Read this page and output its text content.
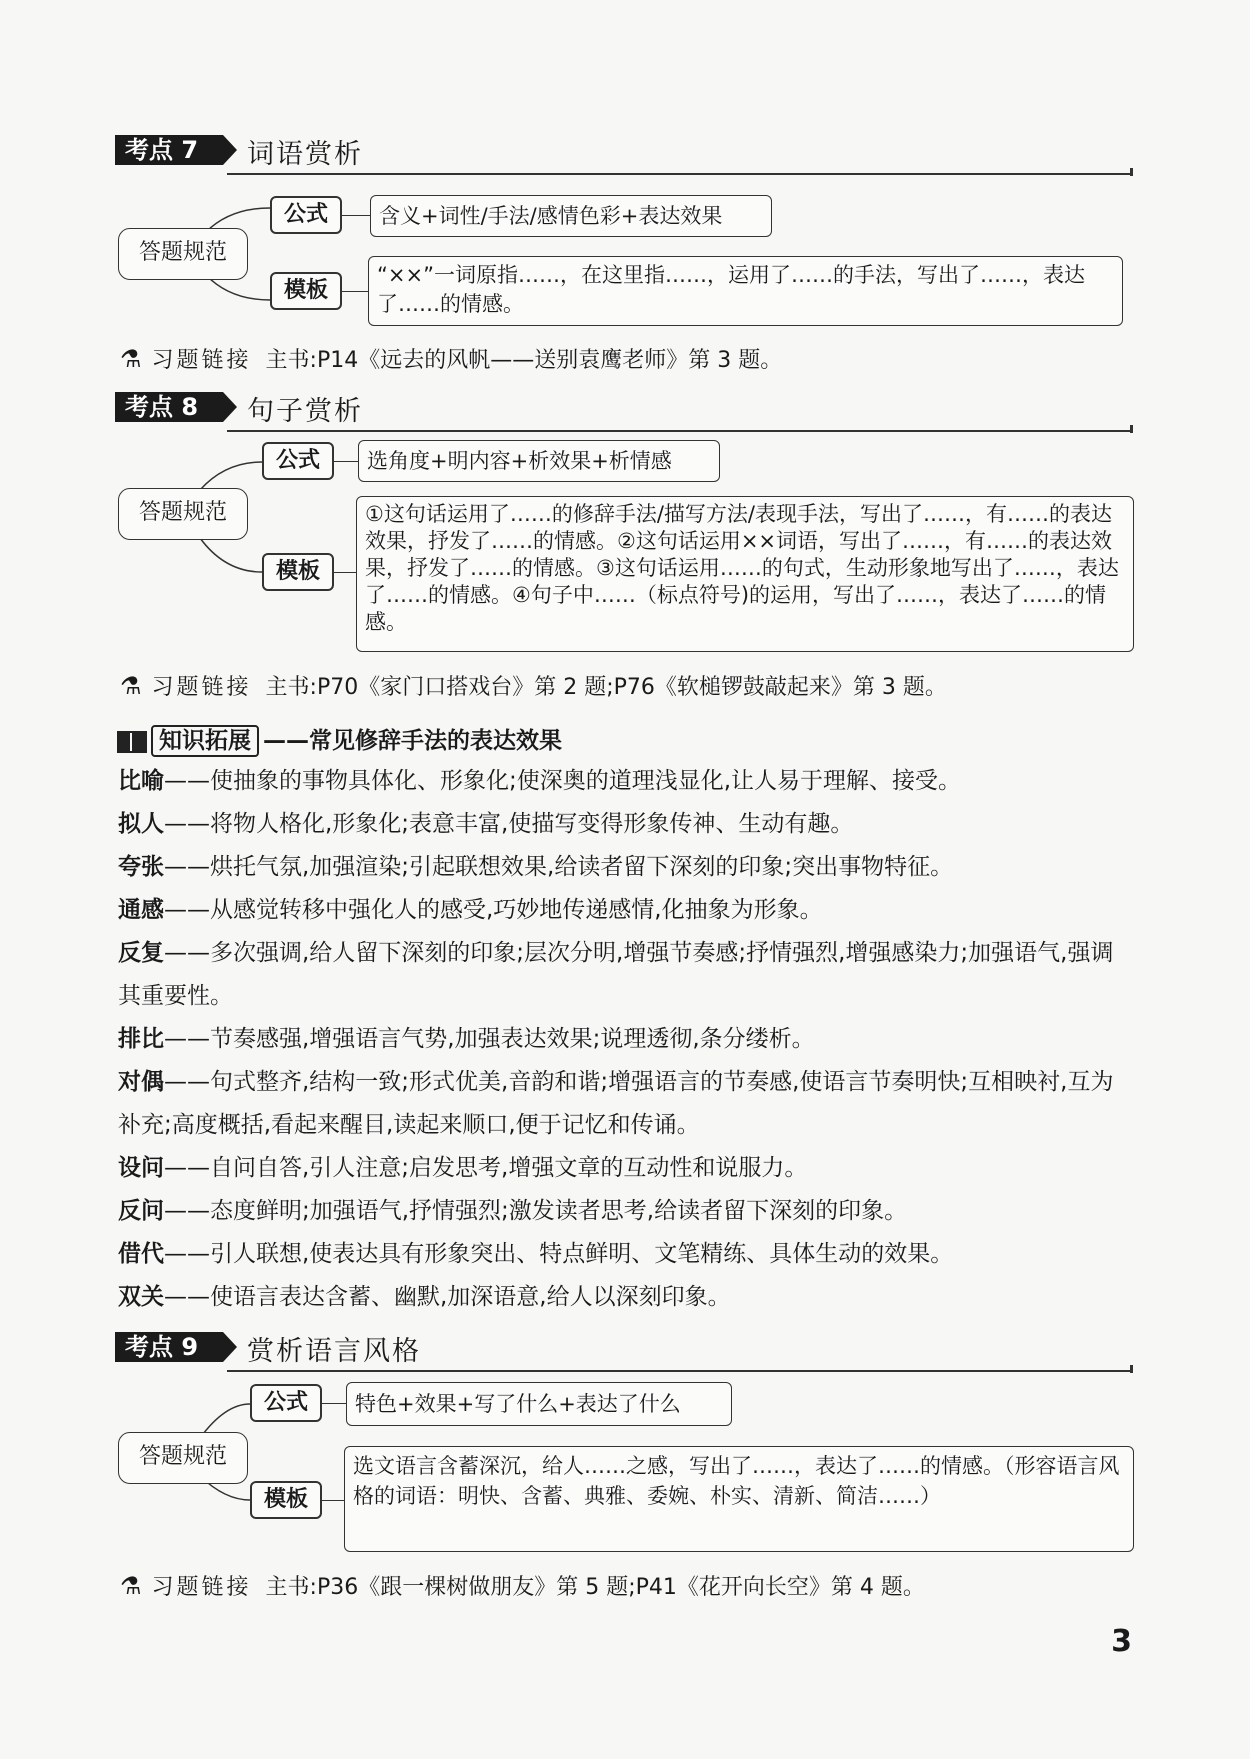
考点 7	词语赏析
答题规范
公式	含义+词性/手法/感情色彩+表达效果
模板
“××”一词原指……，在这里指……，运用了……的手法，写出了……，表达了……的情感。
⚗ 习题链接 主书:P14《远去的风帆——送别袁鹰老师》第 3 题。
考点 8	句子赏析
答题规范
公式	选角度+明内容+析效果+析情感
模板
①这句话运用了……的修辞手法/描写方法/表现手法，写出了……，有……的表达效果，抒发了……的情感。②这句话运用××词语，写出了……，有……的表达效果，抒发了……的情感。③这句话运用……的句式，生动形象地写出了……，表达了……的情感。④句子中……（标点符号)的运用，写出了……，表达了……的情感。
⚗ 习题链接 主书:P70《家门口搭戏台》第 2 题;P76《软槌锣鼓敲起来》第 3 题。
知识拓展 ——常见修辞手法的表达效果
比喻——使抽象的事物具体化、形象化;使深奥的道理浅显化,让人易于理解、接受。
拟人——将物人格化,形象化;表意丰富,使描写变得形象传神、生动有趣。
夸张——烘托气氛,加强渲染;引起联想效果,给读者留下深刻的印象;突出事物特征。
通感——从感觉转移中强化人的感受,巧妙地传递感情,化抽象为形象。
反复——多次强调,给人留下深刻的印象;层次分明,增强节奏感;抒情强烈,增强感染力;加强语气,强调其重要性。
排比——节奏感强,增强语言气势,加强表达效果;说理透彻,条分缕析。
对偶——句式整齐,结构一致;形式优美,音韵和谐;增强语言的节奏感,使语言节奏明快;互相映衬,互为补充;高度概括,看起来醒目,读起来顺口,便于记忆和传诵。
设问——自问自答,引人注意;启发思考,增强文章的互动性和说服力。
反问——态度鲜明;加强语气,抒情强烈;激发读者思考,给读者留下深刻的印象。
借代——引人联想,使表达具有形象突出、特点鲜明、文笔精练、具体生动的效果。
双关——使语言表达含蓄、幽默,加深语意,给人以深刻印象。
考点 9	赏析语言风格
答题规范
公式	特色+效果+写了什么+表达了什么
模板
选文语言含蓄深沉，给人……之感，写出了……，表达了……的情感。（形容语言风格的词语：明快、含蓄、典雅、委婉、朴实、清新、简洁……）
⚗ 习题链接 主书:P36《跟一棵树做朋友》第 5 题;P41《花开向长空》第 4 题。
3
